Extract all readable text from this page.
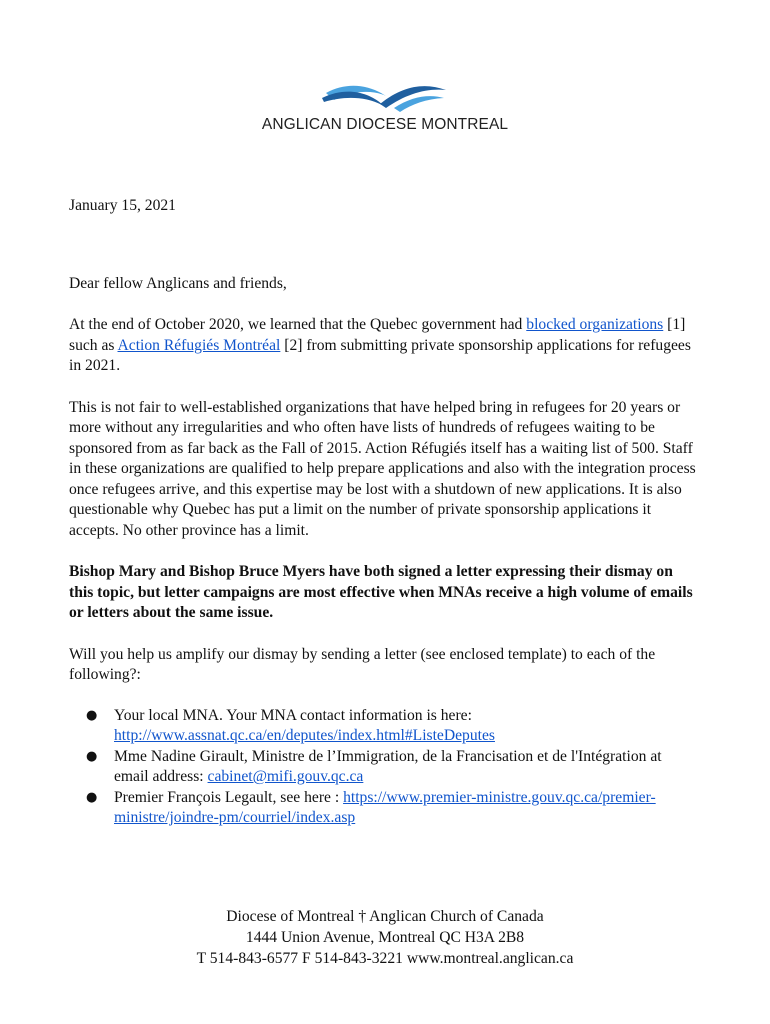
ANGLICAN DIOCESE MONTREAL

January 15, 2021

Dear fellow Anglicans and friends,

At the end of October 2020, we learned that the Quebec government had blocked organizations [1] such as Action Réfugiés Montréal [2] from submitting private sponsorship applications for refugees in 2021.

This is not fair to well-established organizations that have helped bring in refugees for 20 years or more without any irregularities and who often have lists of hundreds of refugees waiting to be sponsored from as far back as the Fall of 2015. Action Réfugiés itself has a waiting list of 500. Staff in these organizations are qualified to help prepare applications and also with the integration process once refugees arrive, and this expertise may be lost with a shutdown of new applications. It is also questionable why Quebec has put a limit on the number of private sponsorship applications it accepts. No other province has a limit.

Bishop Mary and Bishop Bruce Myers have both signed a letter expressing their dismay on this topic, but letter campaigns are most effective when MNAs receive a high volume of emails or letters about the same issue.

Will you help us amplify our dismay by sending a letter (see enclosed template) to each of the following?:

● Your local MNA. Your MNA contact information is here: http://www.assnat.qc.ca/en/deputes/index.html#ListeDeputes
● Mme Nadine Girault, Ministre de l’Immigration, de la Francisation et de l'Intégration at email address: cabinet@mifi.gouv.qc.ca
● Premier François Legault, see here : https://www.premier-ministre.gouv.qc.ca/premier-ministre/joindre-pm/courriel/index.asp
Diocese of Montreal † Anglican Church of Canada
1444 Union Avenue, Montreal QC H3A 2B8
T 514-843-6577 F 514-843-3221 www.montreal.anglican.ca
